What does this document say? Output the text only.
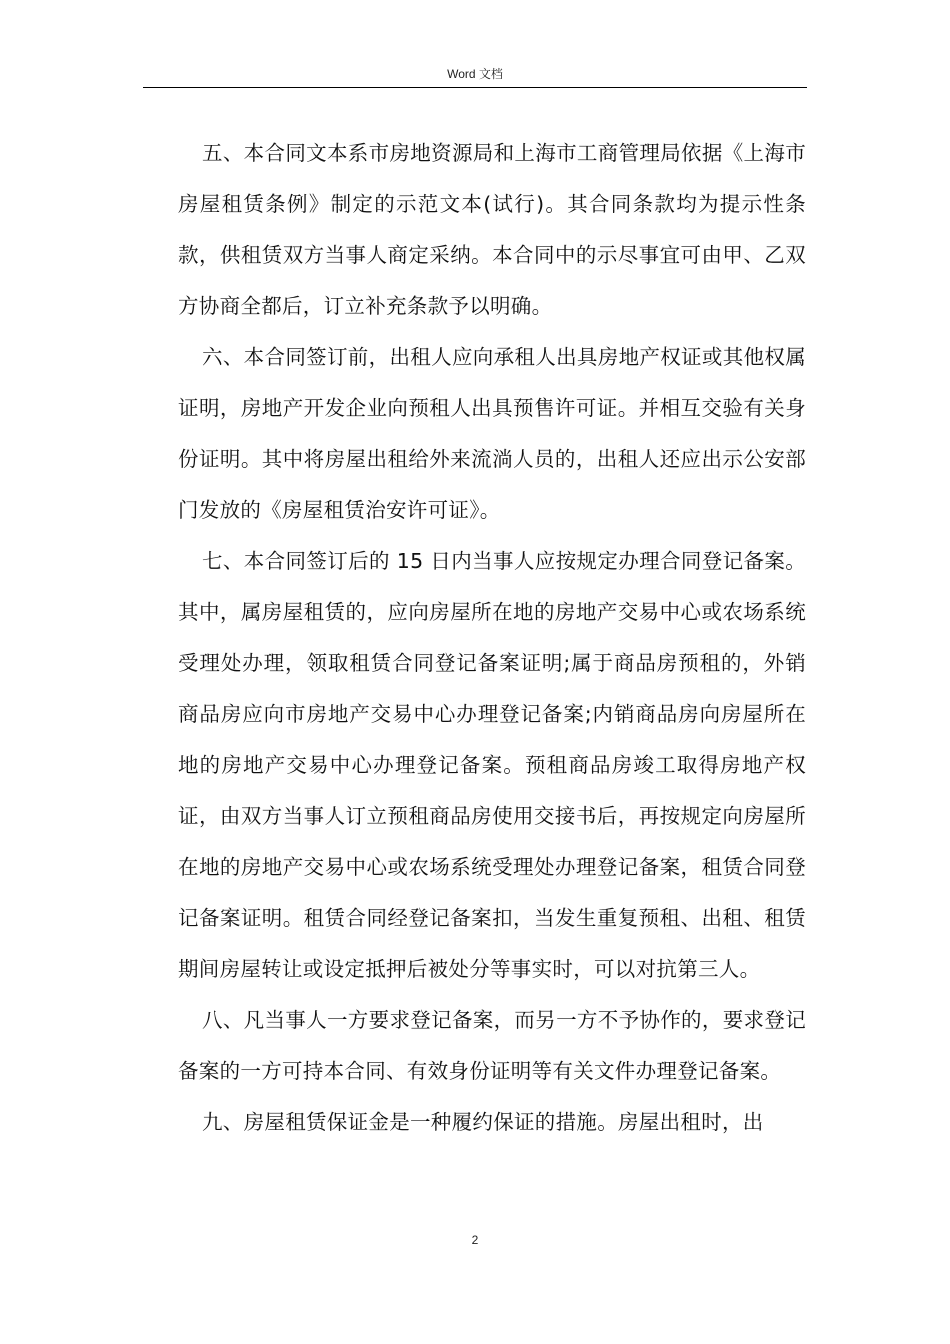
Word 文档

五、本合同文本系市房地资源局和上海市工商管理局依据《上海市房屋租赁条例》制定的示范文本(试行)。其合同条款均为提示性条款，供租赁双方当事人商定采纳。本合同中的示尽事宜可由甲、乙双方协商全都后，订立补充条款予以明确。

六、本合同签订前，出租人应向承租人出具房地产权证或其他权属证明，房地产开发企业向预租人出具预售许可证。并相互交验有关身份证明。其中将房屋出租给外来流淌人员的，出租人还应出示公安部门发放的《房屋租赁治安许可证》。

七、本合同签订后的 15 日内当事人应按规定办理合同登记备案。其中，属房屋租赁的，应向房屋所在地的房地产交易中心或农场系统受理处办理，领取租赁合同登记备案证明;属于商品房预租的，外销商品房应向市房地产交易中心办理登记备案;内销商品房向房屋所在地的房地产交易中心办理登记备案。预租商品房竣工取得房地产权证，由双方当事人订立预租商品房使用交接书后，再按规定向房屋所在地的房地产交易中心或农场系统受理处办理登记备案，租赁合同登记备案证明。租赁合同经登记备案扣，当发生重复预租、出租、租赁期间房屋转让或设定抵押后被处分等事实时，可以对抗第三人。

八、凡当事人一方要求登记备案，而另一方不予协作的，要求登记备案的一方可持本合同、有效身份证明等有关文件办理登记备案。

九、房屋租赁保证金是一种履约保证的措施。房屋出租时，出

2
